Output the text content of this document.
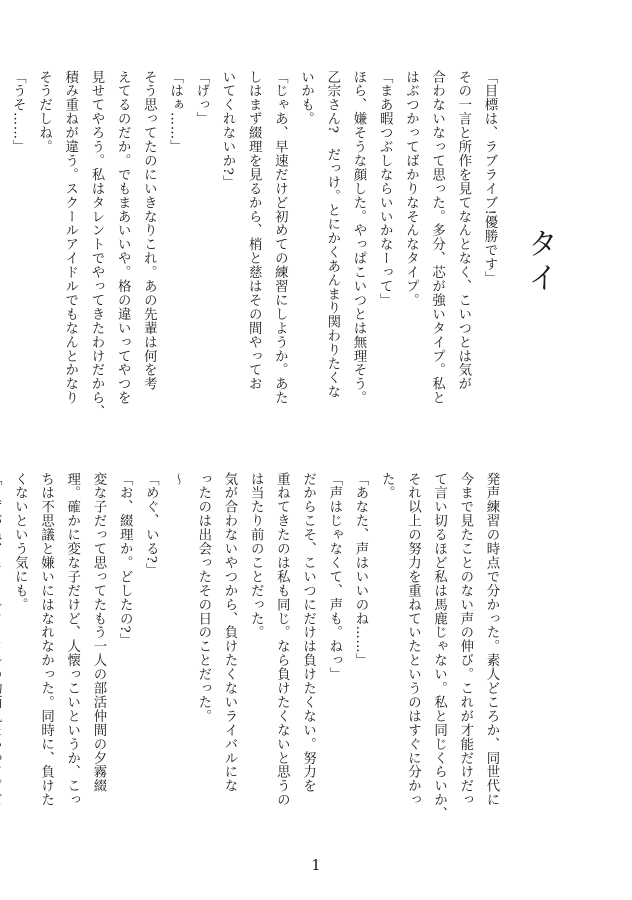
タイ
「目標は、ラブライブ!優勝です」
その一言と所作を見てなんとなく、こいつとは気が
合わないなって思った。多分、芯が強いタイプ。私と
はぶつかってばかりなそんなタイプ。
「まあ暇つぶしならいいかなーって」
ほら、嫌そうな顔した。やっぱこいつとは無理そう。
乙宗さん?　だっけ。とにかくあんまり関わりたくな
いかも。
「じゃあ、早速だけど初めての練習にしようか。あた
しはまず綴理を見るから、梢と慈はその間やってお
いてくれないか?」
「げっ」
「はぁ……」
そう思ってたのにいきなりこれ。あの先輩は何を考
えてるのだか。でもまあいいや。格の違いってやつを
見せてやろう。私はタレントでやってきたわけだから、
積み重ねが違う。スクールアイドルでもなんとかなり
そうだしね。
「うそ……」
発声練習の時点で分かった。素人どころか、同世代に
今まで見たことのない声の伸び。これが才能だけだっ
て言い切るほど私は馬鹿じゃない。私と同じくらいか、
それ以上の努力を重ねていたというのはすぐに分かっ
た。
「あなた、声はいいのね……」
「声はじゃなくて、声も。ねっ」
だからこそ、こいつにだけは負けたくない。努力を
重ねてきたのは私も同じ。なら負けたくないと思うの
は当たり前のことだった。
気が合わないやつから、負けたくないライバルにな
ったのは出会ったその日のことだった。
〜
「めぐ、いる?」
「お、綴理か。どしたの?」
変な子だって思ってたもう一人の部活仲間の夕霧綴
理。確かに変な子だけど、人懐っこいというか、こっ
ちは不思議と嫌いにはなれなかった。同時に、負けた
くないという気にも。
1
